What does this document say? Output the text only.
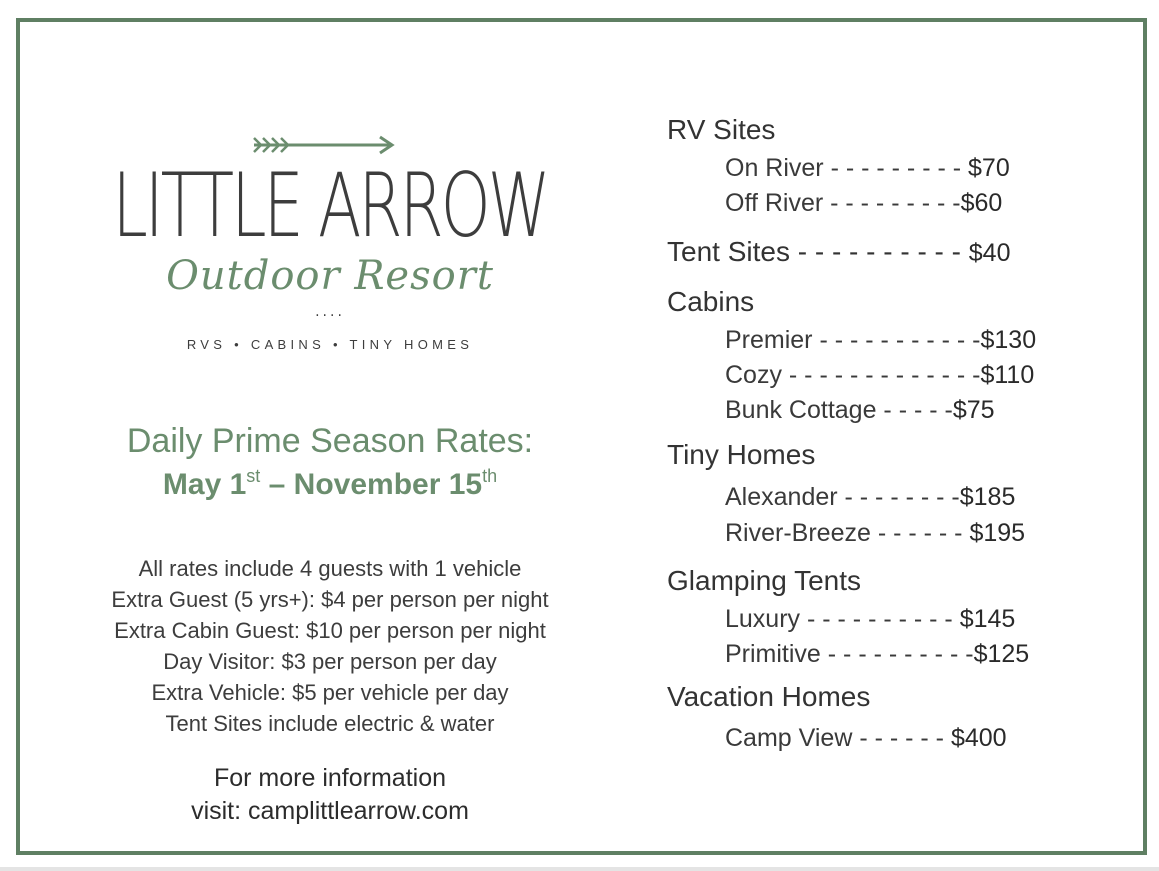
LITTLE ARROW
Outdoor Resort
····
RVS • CABINS • TINY HOMES
Daily Prime Season Rates:
May 1st – November 15th
All rates include 4 guests with 1 vehicle
Extra Guest (5 yrs+): $4 per person per night
Extra Cabin Guest: $10 per person per night
Day Visitor: $3 per person per day
Extra Vehicle: $5 per vehicle per day
Tent Sites include electric & water
For more information
visit: camplittlearrow.com
RV Sites
On River - - - - - - - - - $70
Off River - - - - - - - - -$60
Tent Sites - - - - - - - - - - $40
Cabins
Premier - - - - - - - - - - -$130
Cozy - - - - - - - - - - - - -$110
Bunk Cottage - - - - -$75
Tiny Homes
Alexander - - - - - - - -$185
River-Breeze - - - - - - $195
Glamping Tents
Luxury - - - - - - - - - - $145
Primitive - - - - - - - - - -$125
Vacation Homes
Camp View - - - - - - $400
